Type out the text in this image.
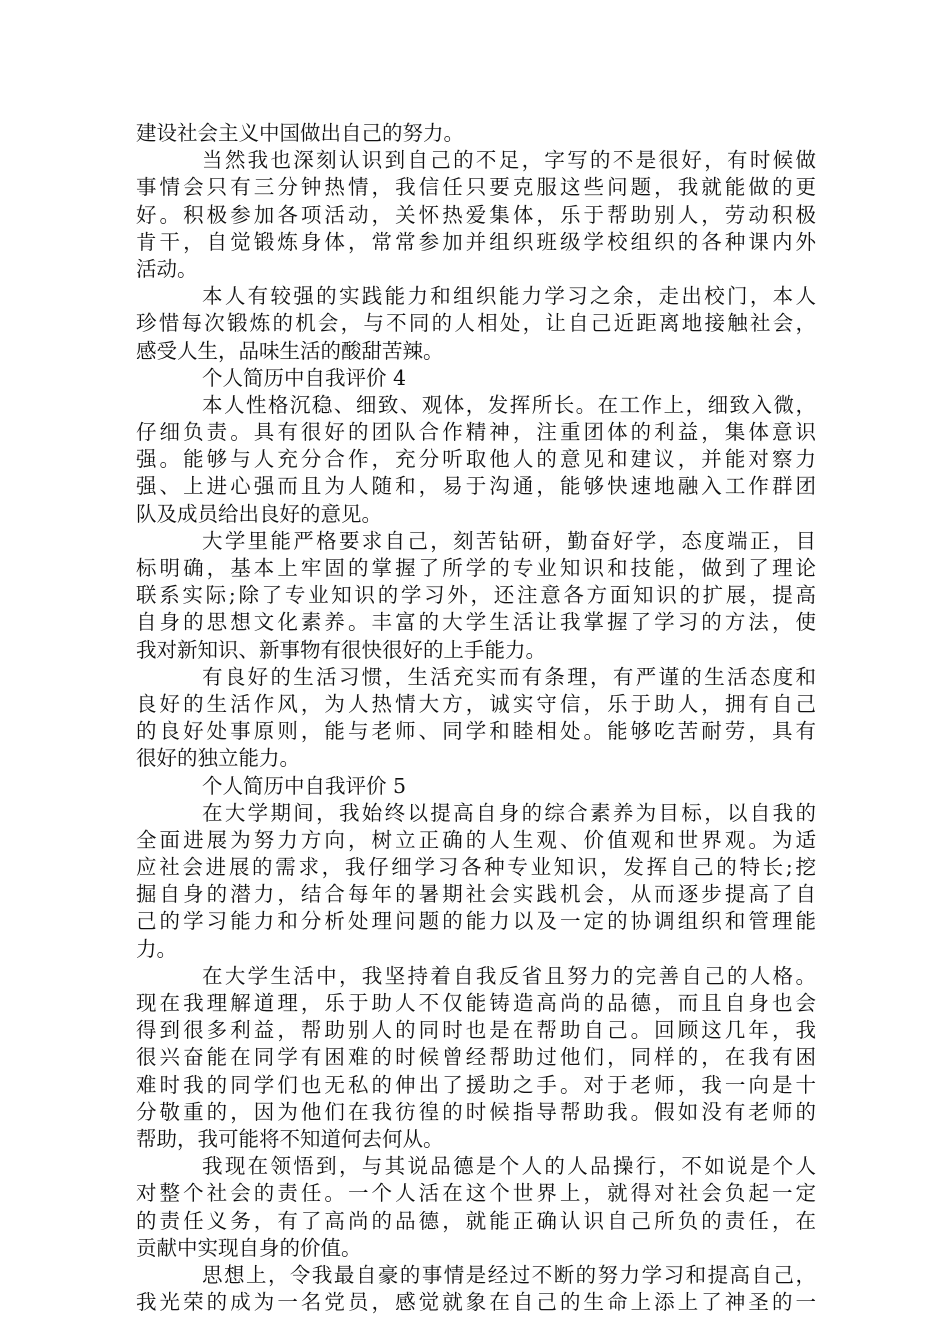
建设社会主义中国做出自己的努力。
当然我也深刻认识到自己的不足，字写的不是很好，有时候做
事情会只有三分钟热情，我信任只要克服这些问题，我就能做的更
好。积极参加各项活动，关怀热爱集体，乐于帮助别人，劳动积极
肯干，自觉锻炼身体，常常参加并组织班级学校组织的各种课内外
活动。
本人有较强的实践能力和组织能力学习之余，走出校门，本人
珍惜每次锻炼的机会，与不同的人相处，让自己近距离地接触社会，
感受人生，品味生活的酸甜苦辣。
个人简历中自我评价 4
本人性格沉稳、细致、观体，发挥所长。在工作上，细致入微，
仔细负责。具有很好的团队合作精神，注重团体的利益，集体意识
强。能够与人充分合作，充分听取他人的意见和建议，并能对察力
强、上进心强而且为人随和，易于沟通，能够快速地融入工作群团
队及成员给出良好的意见。
大学里能严格要求自己，刻苦钻研，勤奋好学，态度端正，目
标明确，基本上牢固的掌握了所学的专业知识和技能，做到了理论
联系实际;除了专业知识的学习外，还注意各方面知识的扩展，提高
自身的思想文化素养。丰富的大学生活让我掌握了学习的方法，使
我对新知识、新事物有很快很好的上手能力。
有良好的生活习惯，生活充实而有条理，有严谨的生活态度和
良好的生活作风，为人热情大方，诚实守信，乐于助人，拥有自己
的良好处事原则，能与老师、同学和睦相处。能够吃苦耐劳，具有
很好的独立能力。
个人简历中自我评价 5
在大学期间，我始终以提高自身的综合素养为目标，以自我的
全面进展为努力方向，树立正确的人生观、价值观和世界观。为适
应社会进展的需求，我仔细学习各种专业知识，发挥自己的特长;挖
掘自身的潜力，结合每年的暑期社会实践机会，从而逐步提高了自
己的学习能力和分析处理问题的能力以及一定的协调组织和管理能
力。
在大学生活中，我坚持着自我反省且努力的完善自己的人格。
现在我理解道理，乐于助人不仅能铸造高尚的品德，而且自身也会
得到很多利益，帮助别人的同时也是在帮助自己。回顾这几年，我
很兴奋能在同学有困难的时候曾经帮助过他们，同样的，在我有困
难时我的同学们也无私的伸出了援助之手。对于老师，我一向是十
分敬重的，因为他们在我彷徨的时候指导帮助我。假如没有老师的
帮助，我可能将不知道何去何从。
我现在领悟到，与其说品德是个人的人品操行，不如说是个人
对整个社会的责任。一个人活在这个世界上，就得对社会负起一定
的责任义务，有了高尚的品德，就能正确认识自己所负的责任，在
贡献中实现自身的价值。
思想上，令我最自豪的事情是经过不断的努力学习和提高自己，
我光荣的成为一名党员，感觉就象在自己的生命上添上了神圣的一
